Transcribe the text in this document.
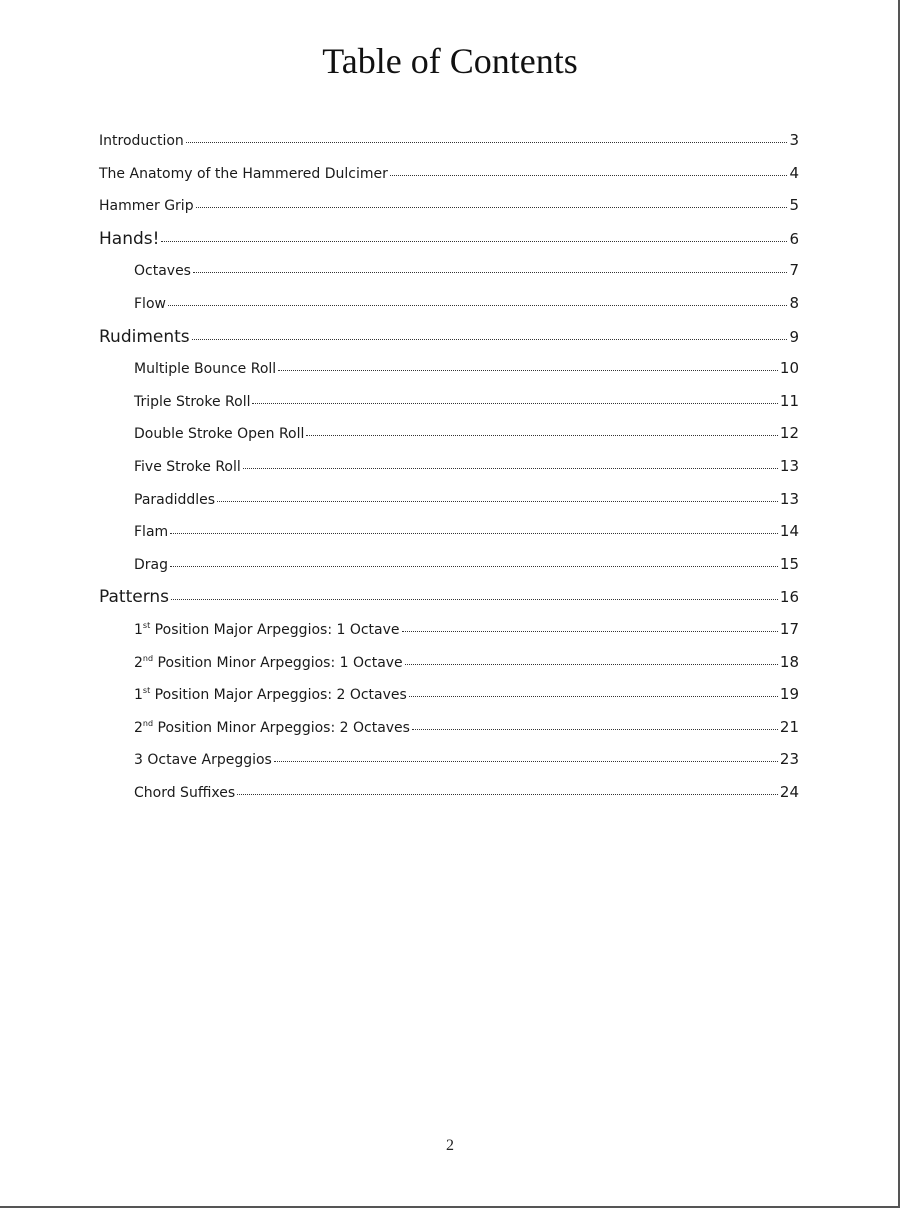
Table of Contents
Introduction	3
The Anatomy of the Hammered Dulcimer	4
Hammer Grip	5
Hands!	6
Octaves	7
Flow	8
Rudiments	9
Multiple Bounce Roll	10
Triple Stroke Roll	11
Double Stroke Open Roll	12
Five Stroke Roll	13
Paradiddles	13
Flam	14
Drag	15
Patterns	16
1st Position Major Arpeggios: 1 Octave	17
2nd Position Minor Arpeggios: 1 Octave	18
1st Position Major Arpeggios: 2 Octaves	19
2nd Position Minor Arpeggios: 2 Octaves	21
3 Octave Arpeggios	23
Chord Suffixes	24
2
